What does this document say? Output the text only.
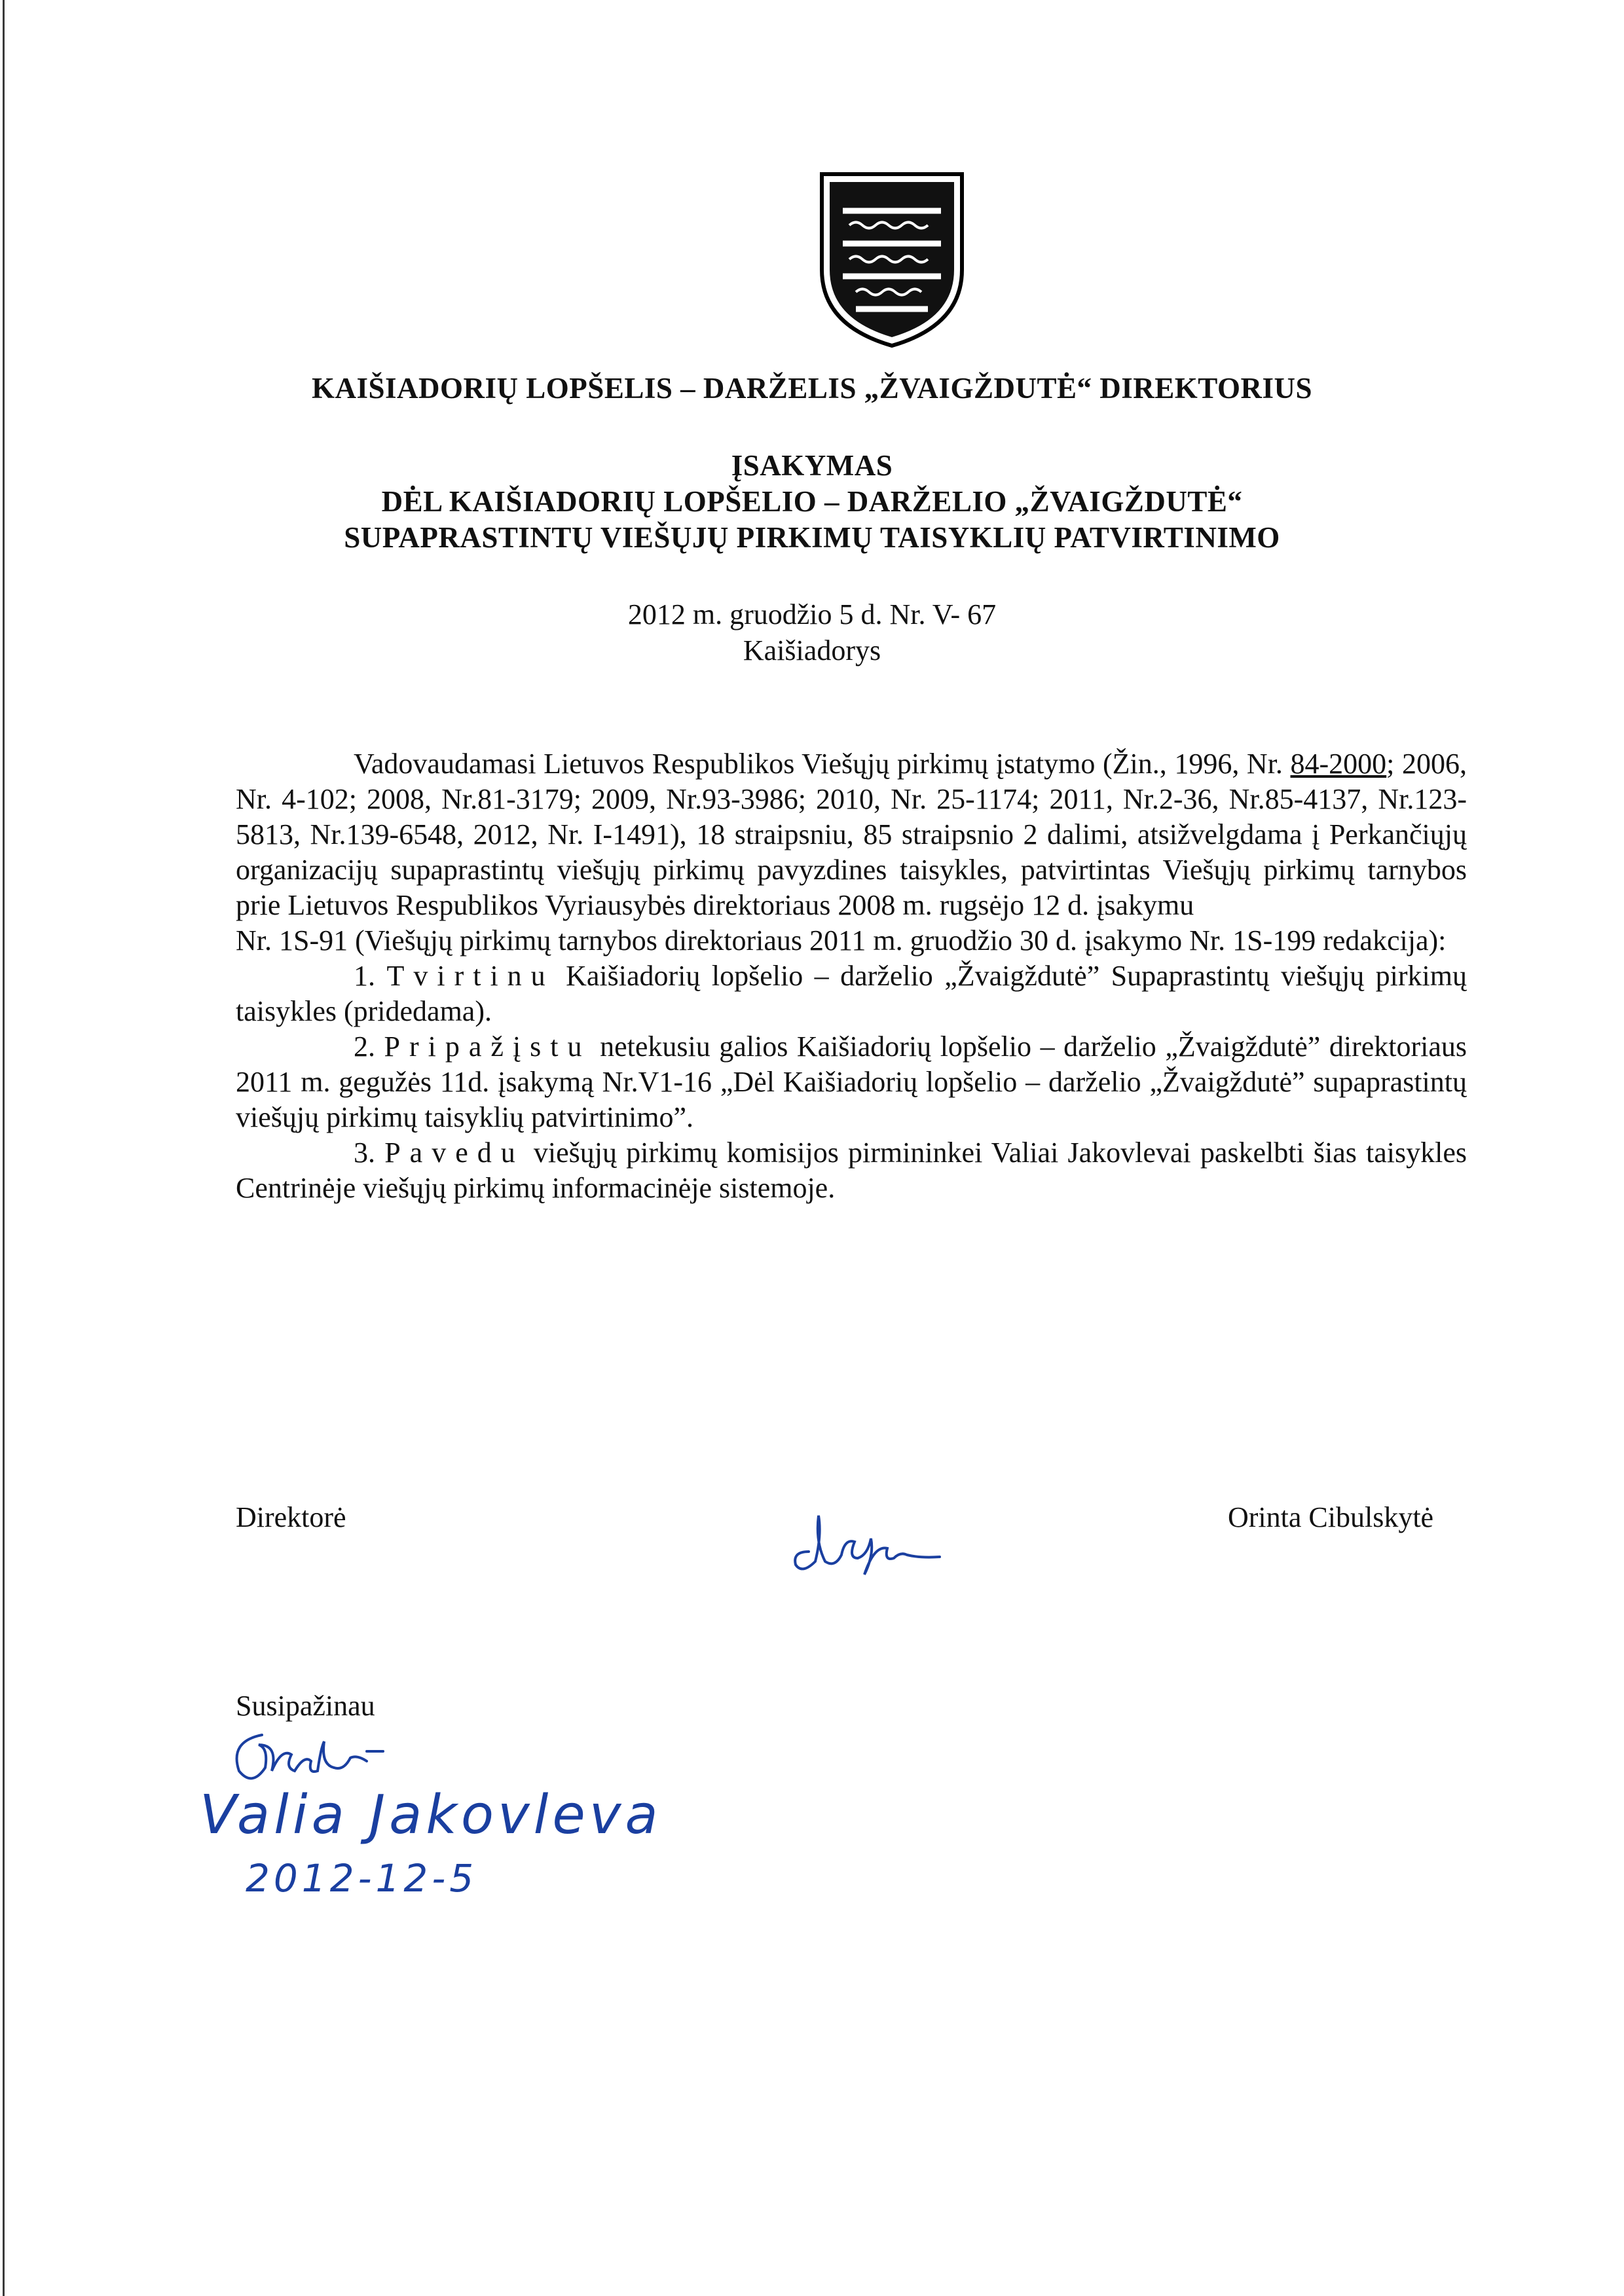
KAIŠIADORIŲ LOPŠELIS – DARŽELIS „ŽVAIGŽDUTĖ“ DIREKTORIUS
ĮSAKYMAS
DĖL KAIŠIADORIŲ LOPŠELIO – DARŽELIO „ŽVAIGŽDUTĖ“
SUPAPRASTINTŲ VIEŠŲJŲ PIRKIMŲ TAISYKLIŲ PATVIRTINIMO
2012 m. gruodžio 5 d. Nr. V- 67
Kaišiadorys

Vadovaudamasi Lietuvos Respublikos Viešųjų pirkimų įstatymo (Žin., 1996, Nr. 84-2000; 2006, Nr. 4-102; 2008, Nr.81-3179; 2009, Nr.93-3986; 2010, Nr. 25-1174; 2011, Nr.2-36, Nr.85-4137, Nr.123-5813, Nr.139-6548, 2012, Nr. I-1491), 18 straipsniu, 85 straipsnio 2 dalimi, atsižvelgdama į Perkančiųjų organizacijų supaprastintų viešųjų pirkimų pavyzdines taisykles, patvirtintas Viešųjų pirkimų tarnybos prie Lietuvos Respublikos Vyriausybės direktoriaus 2008 m. rugsėjo 12 d. įsakymu

Nr. 1S-91 (Viešųjų pirkimų tarnybos direktoriaus 2011 m. gruodžio 30 d. įsakymo Nr. 1S-199 redakcija):

1. Tvirtinu Kaišiadorių lopšelio – darželio „Žvaigždutė” Supaprastintų viešųjų pirkimų taisykles (pridedama).

2. Pripažįstu netekusiu galios Kaišiadorių lopšelio – darželio „Žvaigždutė” direktoriaus 2011 m. gegužės 11d. įsakymą Nr.V1-16 „Dėl Kaišiadorių lopšelio – darželio „Žvaigždutė” supaprastintų viešųjų pirkimų taisyklių patvirtinimo”.

3. Pavedu viešųjų pirkimų komisijos pirmininkei Valiai Jakovlevai paskelbti šias taisykles Centrinėje viešųjų pirkimų informacinėje sistemoje.

Direktorė	Orinta Cibulskytė
Susipažinau
Valia Jakovleva
2012-12-5
